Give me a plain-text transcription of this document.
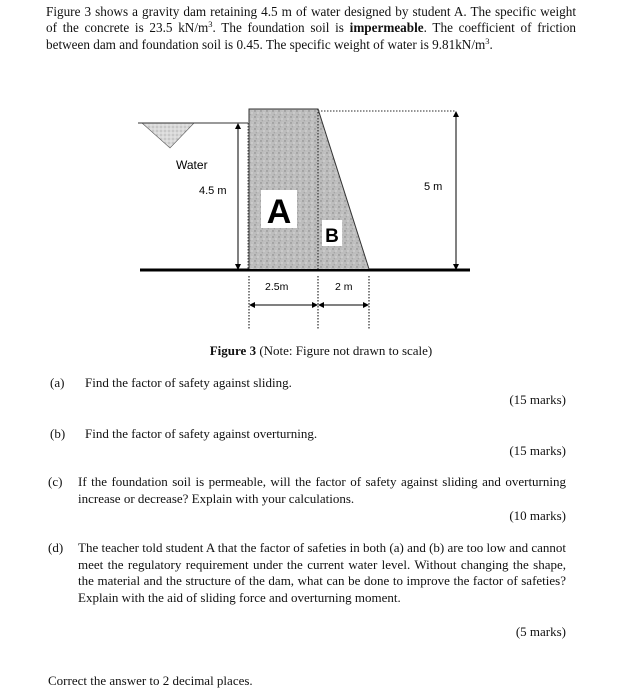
Figure 3 shows a gravity dam retaining 4.5 m of water designed by student A. The specific weight of the concrete is 23.5 $kN/m^3$. The foundation soil is impermeable. The coefficient of friction between dam and foundation soil is 0.45. The specific weight of water is $9.81kN/m^3$.
Water
4.5 m	5 m
A
B
2.5m	2 m
Figure 3 (Note: Figure not drawn to scale)
(a) Find the factor of safety against sliding.
(15 marks)
(b) Find the factor of safety against overturning.
(15 marks)
(c) If the foundation soil is permeable, will the factor of safety against sliding and overturning increase or decrease? Explain with your calculations.
(10 marks)
(d) The teacher told student A that the factor of safeties in both (a) and (b) are too low and cannot meet the regulatory requirement under the current water level. Without changing the shape, the material and the structure of the dam, what can be done to improve the factor of safeties? Explain with the aid of sliding force and overturning moment.
(5 marks)
Correct the answer to 2 decimal places.
